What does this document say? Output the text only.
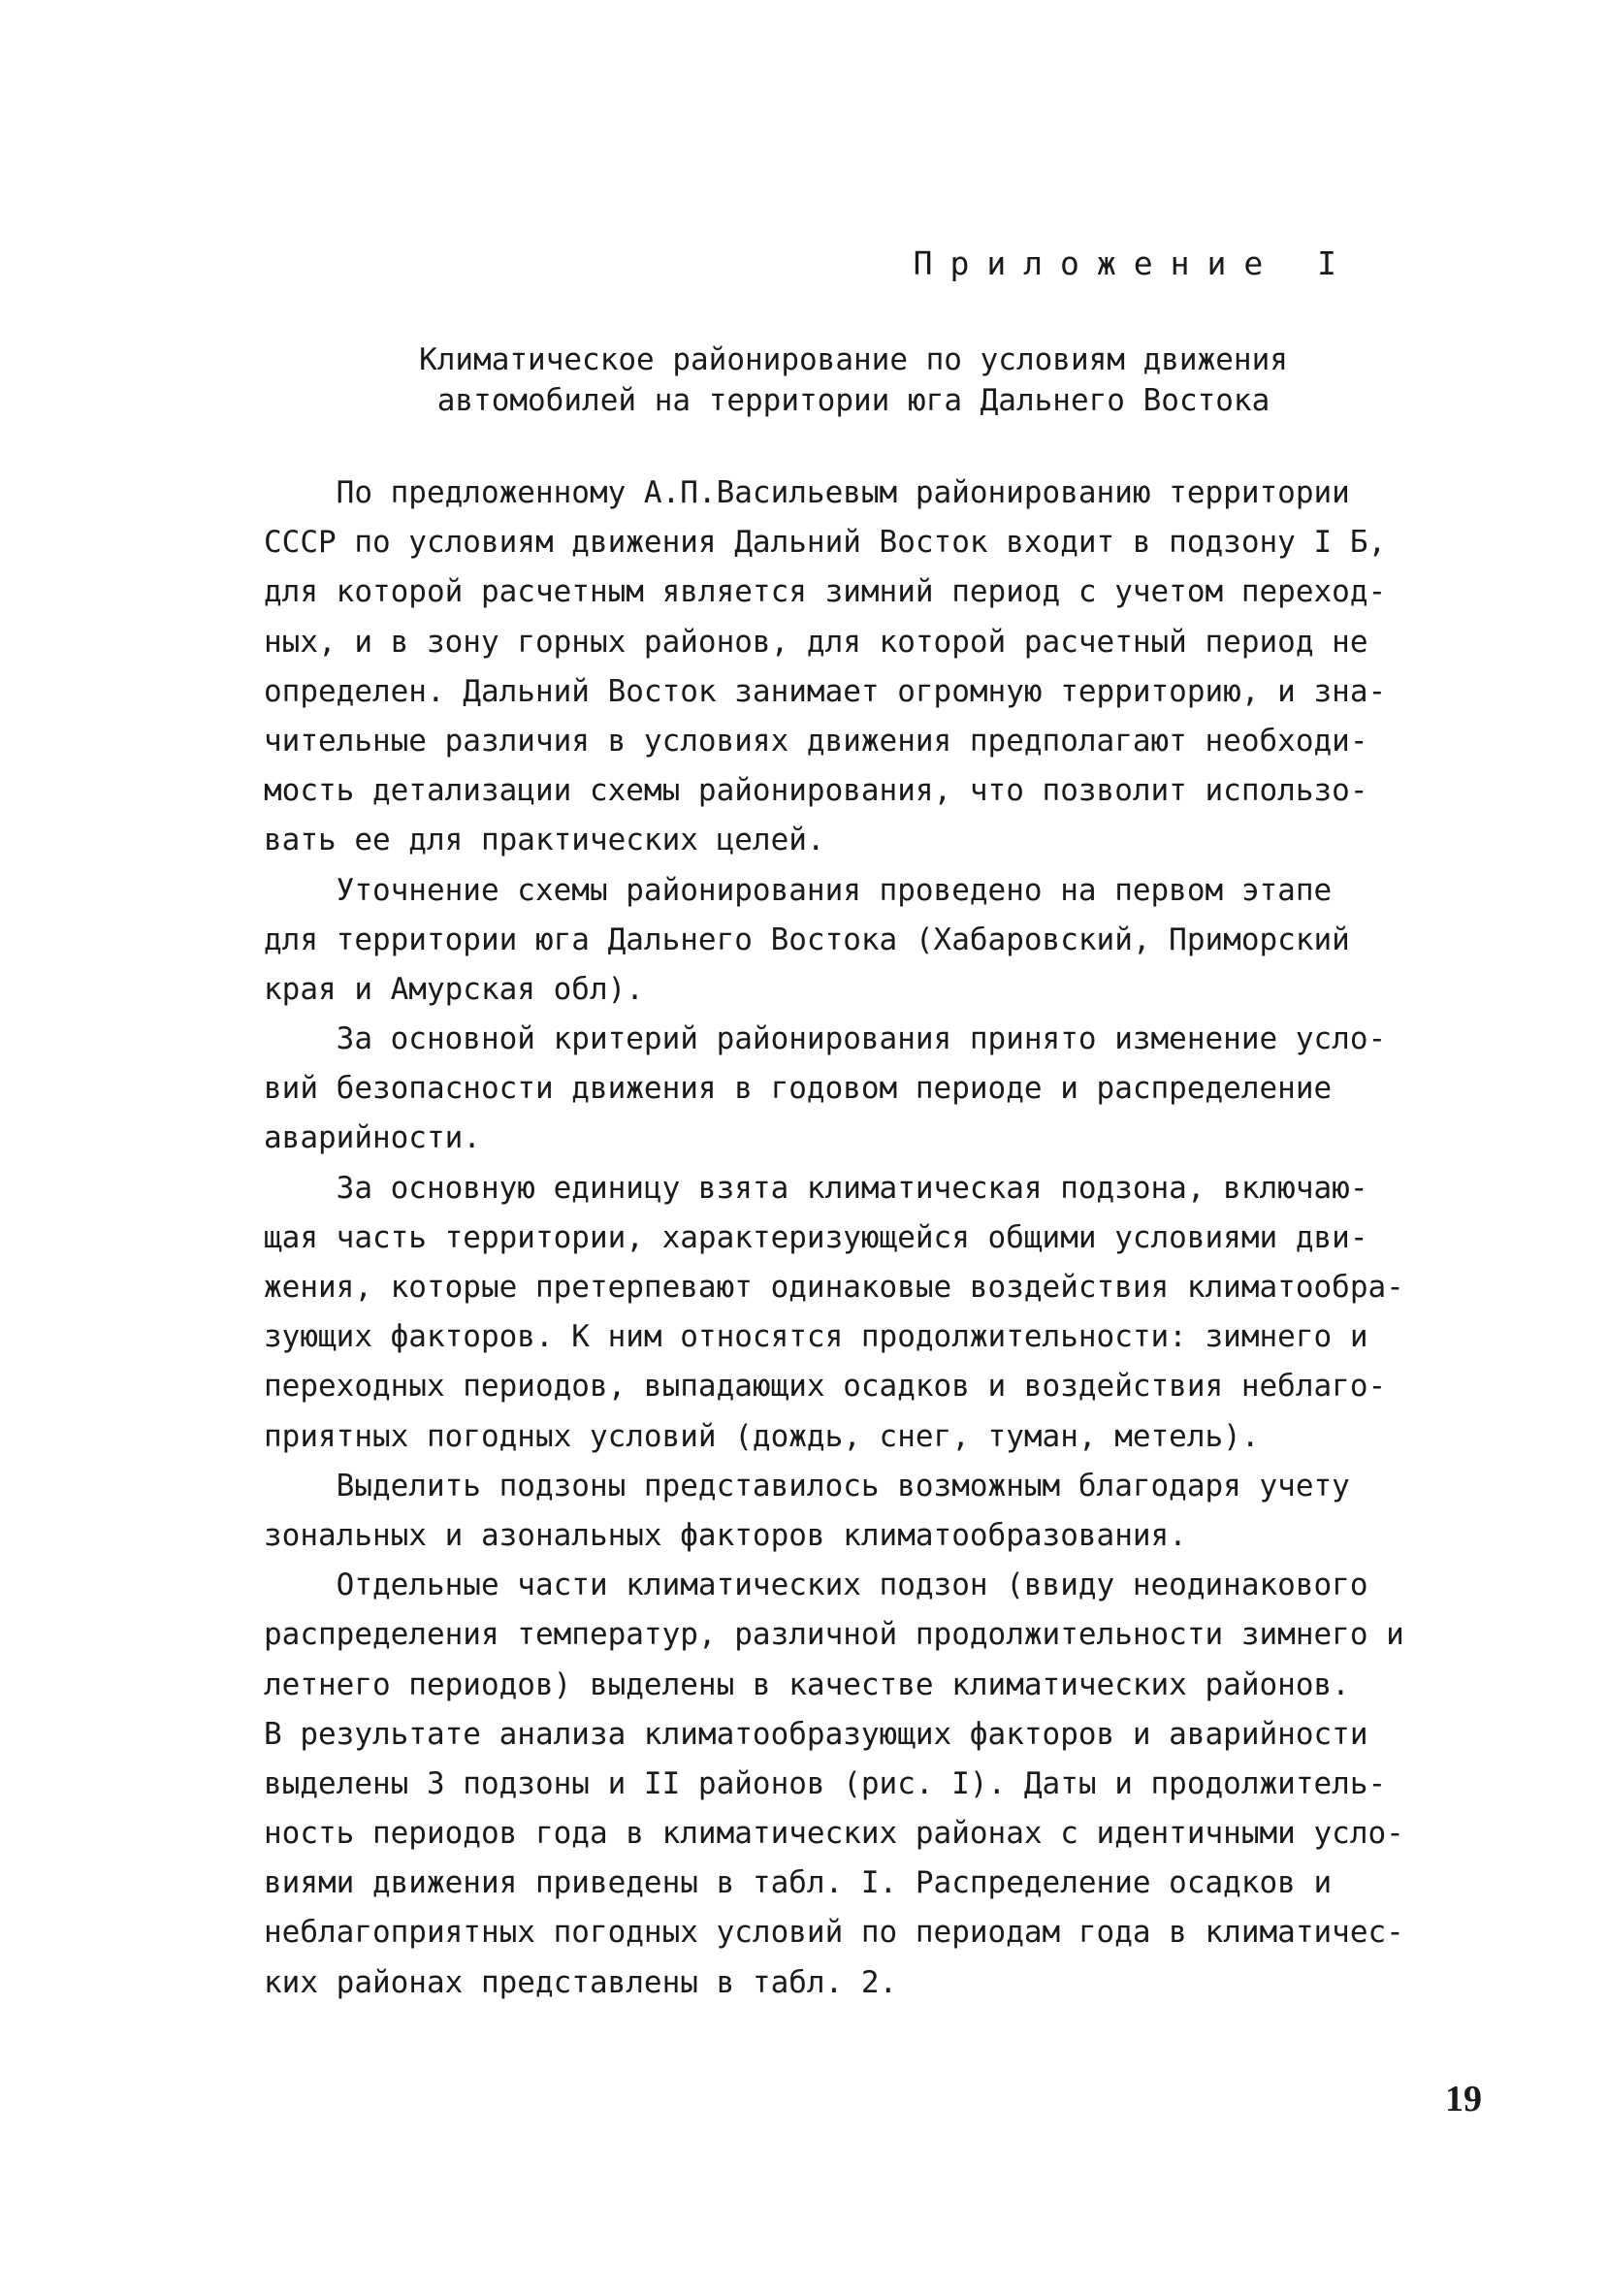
Приложение I
Климатическое районирование по условиям движения
автомобилей на территории юга Дальнего Востока
По предложенному А.П.Васильевым районированию территории
СССР по условиям движения Дальний Восток входит в подзону I Б,
для которой расчетным является зимний период с учетом переход-
ных, и в зону горных районов, для которой расчетный период не
определен. Дальний Восток занимает огромную территорию, и зна-
чительные различия в условиях движения предполагают необходи-
мость детализации схемы районирования, что позволит использо-
вать ее для практических целей.
Уточнение схемы районирования проведено на первом этапе
для территории юга Дальнего Востока (Хабаровский, Приморский
края и Амурская обл).
За основной критерий районирования принято изменение усло-
вий безопасности движения в годовом периоде и распределение
аварийности.
За основную единицу взята климатическая подзона, включаю-
щая часть территории, характеризующейся общими условиями дви-
жения, которые претерпевают одинаковые воздействия климатообра-
зующих факторов. К ним относятся продолжительности: зимнего и
переходных периодов, выпадающих осадков и воздействия неблаго-
приятных погодных условий (дождь, снег, туман, метель).
Выделить подзоны представилось возможным благодаря учету
зональных и азональных факторов климатообразования.
Отдельные части климатических подзон (ввиду неодинакового
распределения температур, различной продолжительности зимнего и
летнего периодов) выделены в качестве климатических районов.
В результате анализа климатообразующих факторов и аварийности
выделены 3 подзоны и II районов (рис. I). Даты и продолжитель-
ность периодов года в климатических районах с идентичными усло-
виями движения приведены в табл. I. Распределение осадков и
неблагоприятных погодных условий по периодам года в климатичес-
ких районах представлены в табл. 2.
19
